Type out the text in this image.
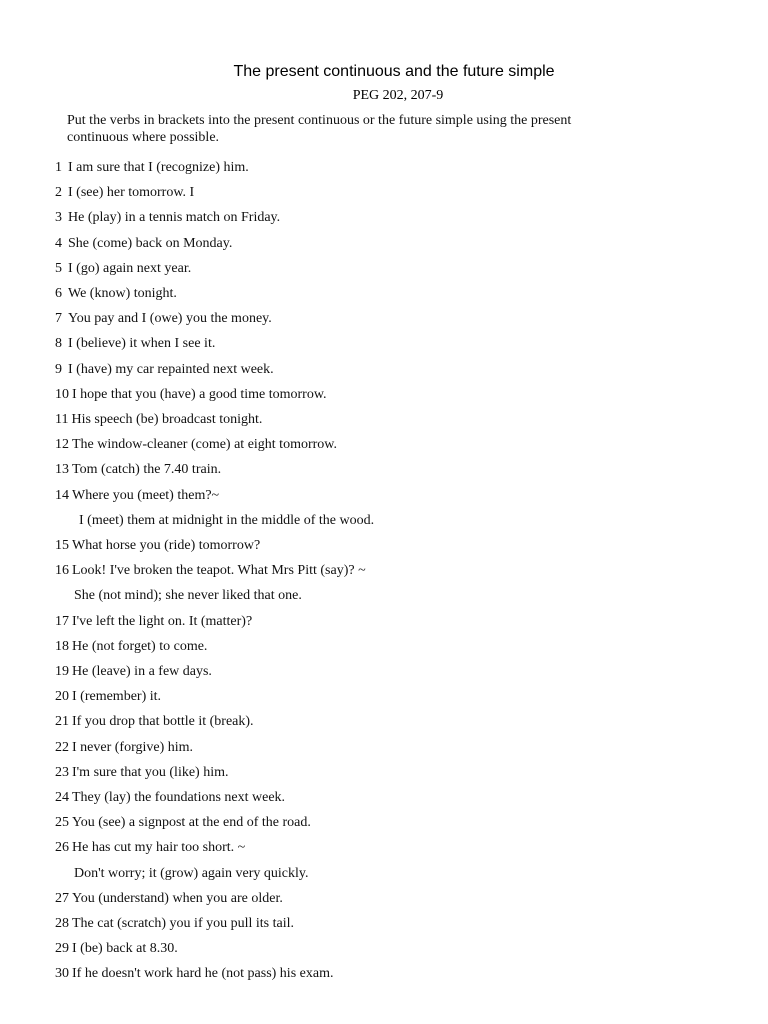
The present continuous and the future simple
PEG 202, 207-9
Put the verbs in brackets into the present continuous or the future simple using the present continuous where possible.
1 I am sure that I (recognize) him.
2 I (see) her tomorrow. I
3 He (play) in a tennis match on Friday.
4 She (come) back on Monday.
5 I (go) again next year.
6 We (know) tonight.
7 You pay and I (owe) you the money.
8 I (believe) it when I see it.
9 I (have) my car repainted next week.
10 I hope that you (have) a good time tomorrow.
11 His speech (be) broadcast tonight.
12 The window-cleaner (come) at eight tomorrow.
13 Tom (catch) the 7.40 train.
14 Where you (meet) them?~
I (meet) them at midnight in the middle of the wood.
15 What horse you (ride) tomorrow?
16 Look! I've broken the teapot. What Mrs Pitt (say)? ~
She (not mind); she never liked that one.
17 I've left the light on. It (matter)?
18 He (not forget) to come.
19 He (leave) in a few days.
20 I (remember) it.
21 If you drop that bottle it (break).
22 I never (forgive) him.
23 I'm sure that you (like) him.
24 They (lay) the foundations next week.
25 You (see) a signpost at the end of the road.
26 He has cut my hair too short. ~
Don't worry; it (grow) again very quickly.
27 You (understand) when you are older.
28 The cat (scratch) you if you pull its tail.
29 I (be) back at 8.30.
30 If he doesn't work hard he (not pass) his exam.
